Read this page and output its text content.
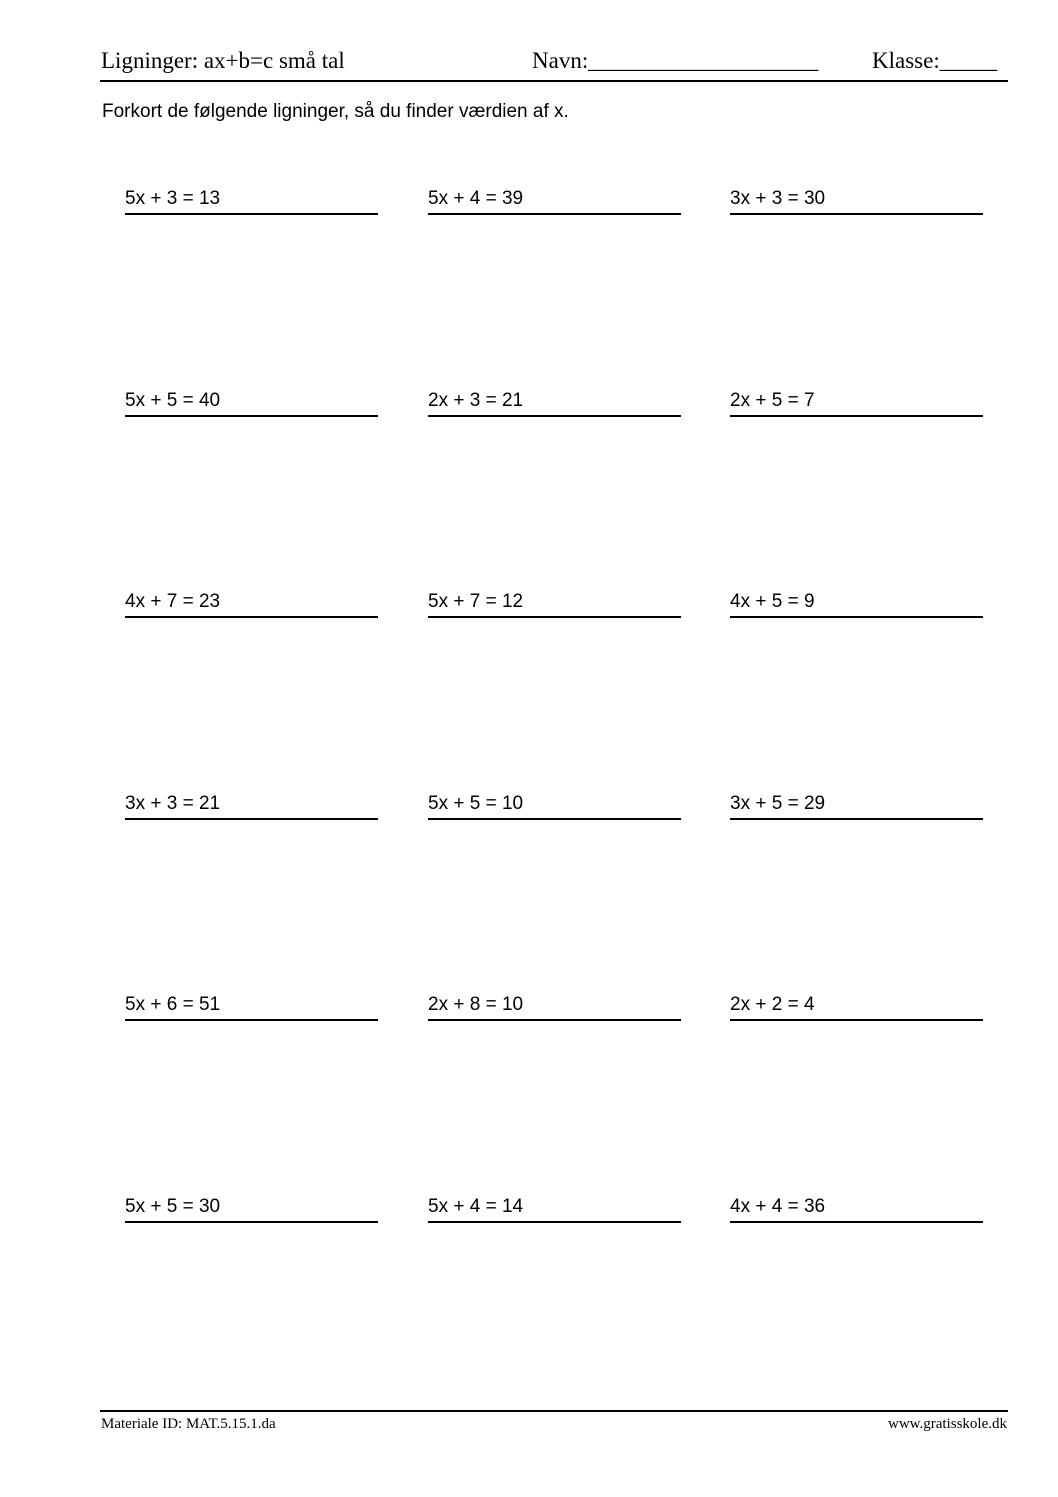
Ligninger: ax+b=c små tal	Navn:____________________ Klasse:_____
Forkort de følgende ligninger, så du finder værdien af x.
5x + 3 = 13	5x + 4 = 39	3x + 3 = 30
5x + 5 = 40	2x + 3 = 21	2x + 5 = 7
4x + 7 = 23	5x + 7 = 12	4x + 5 = 9
3x + 3 = 21	5x + 5 = 10	3x + 5 = 29
5x + 6 = 51	2x + 8 = 10	2x + 2 = 4
5x + 5 = 30	5x + 4 = 14	4x + 4 = 36
Materiale ID: MAT.5.15.1.da	www.gratisskole.dk
